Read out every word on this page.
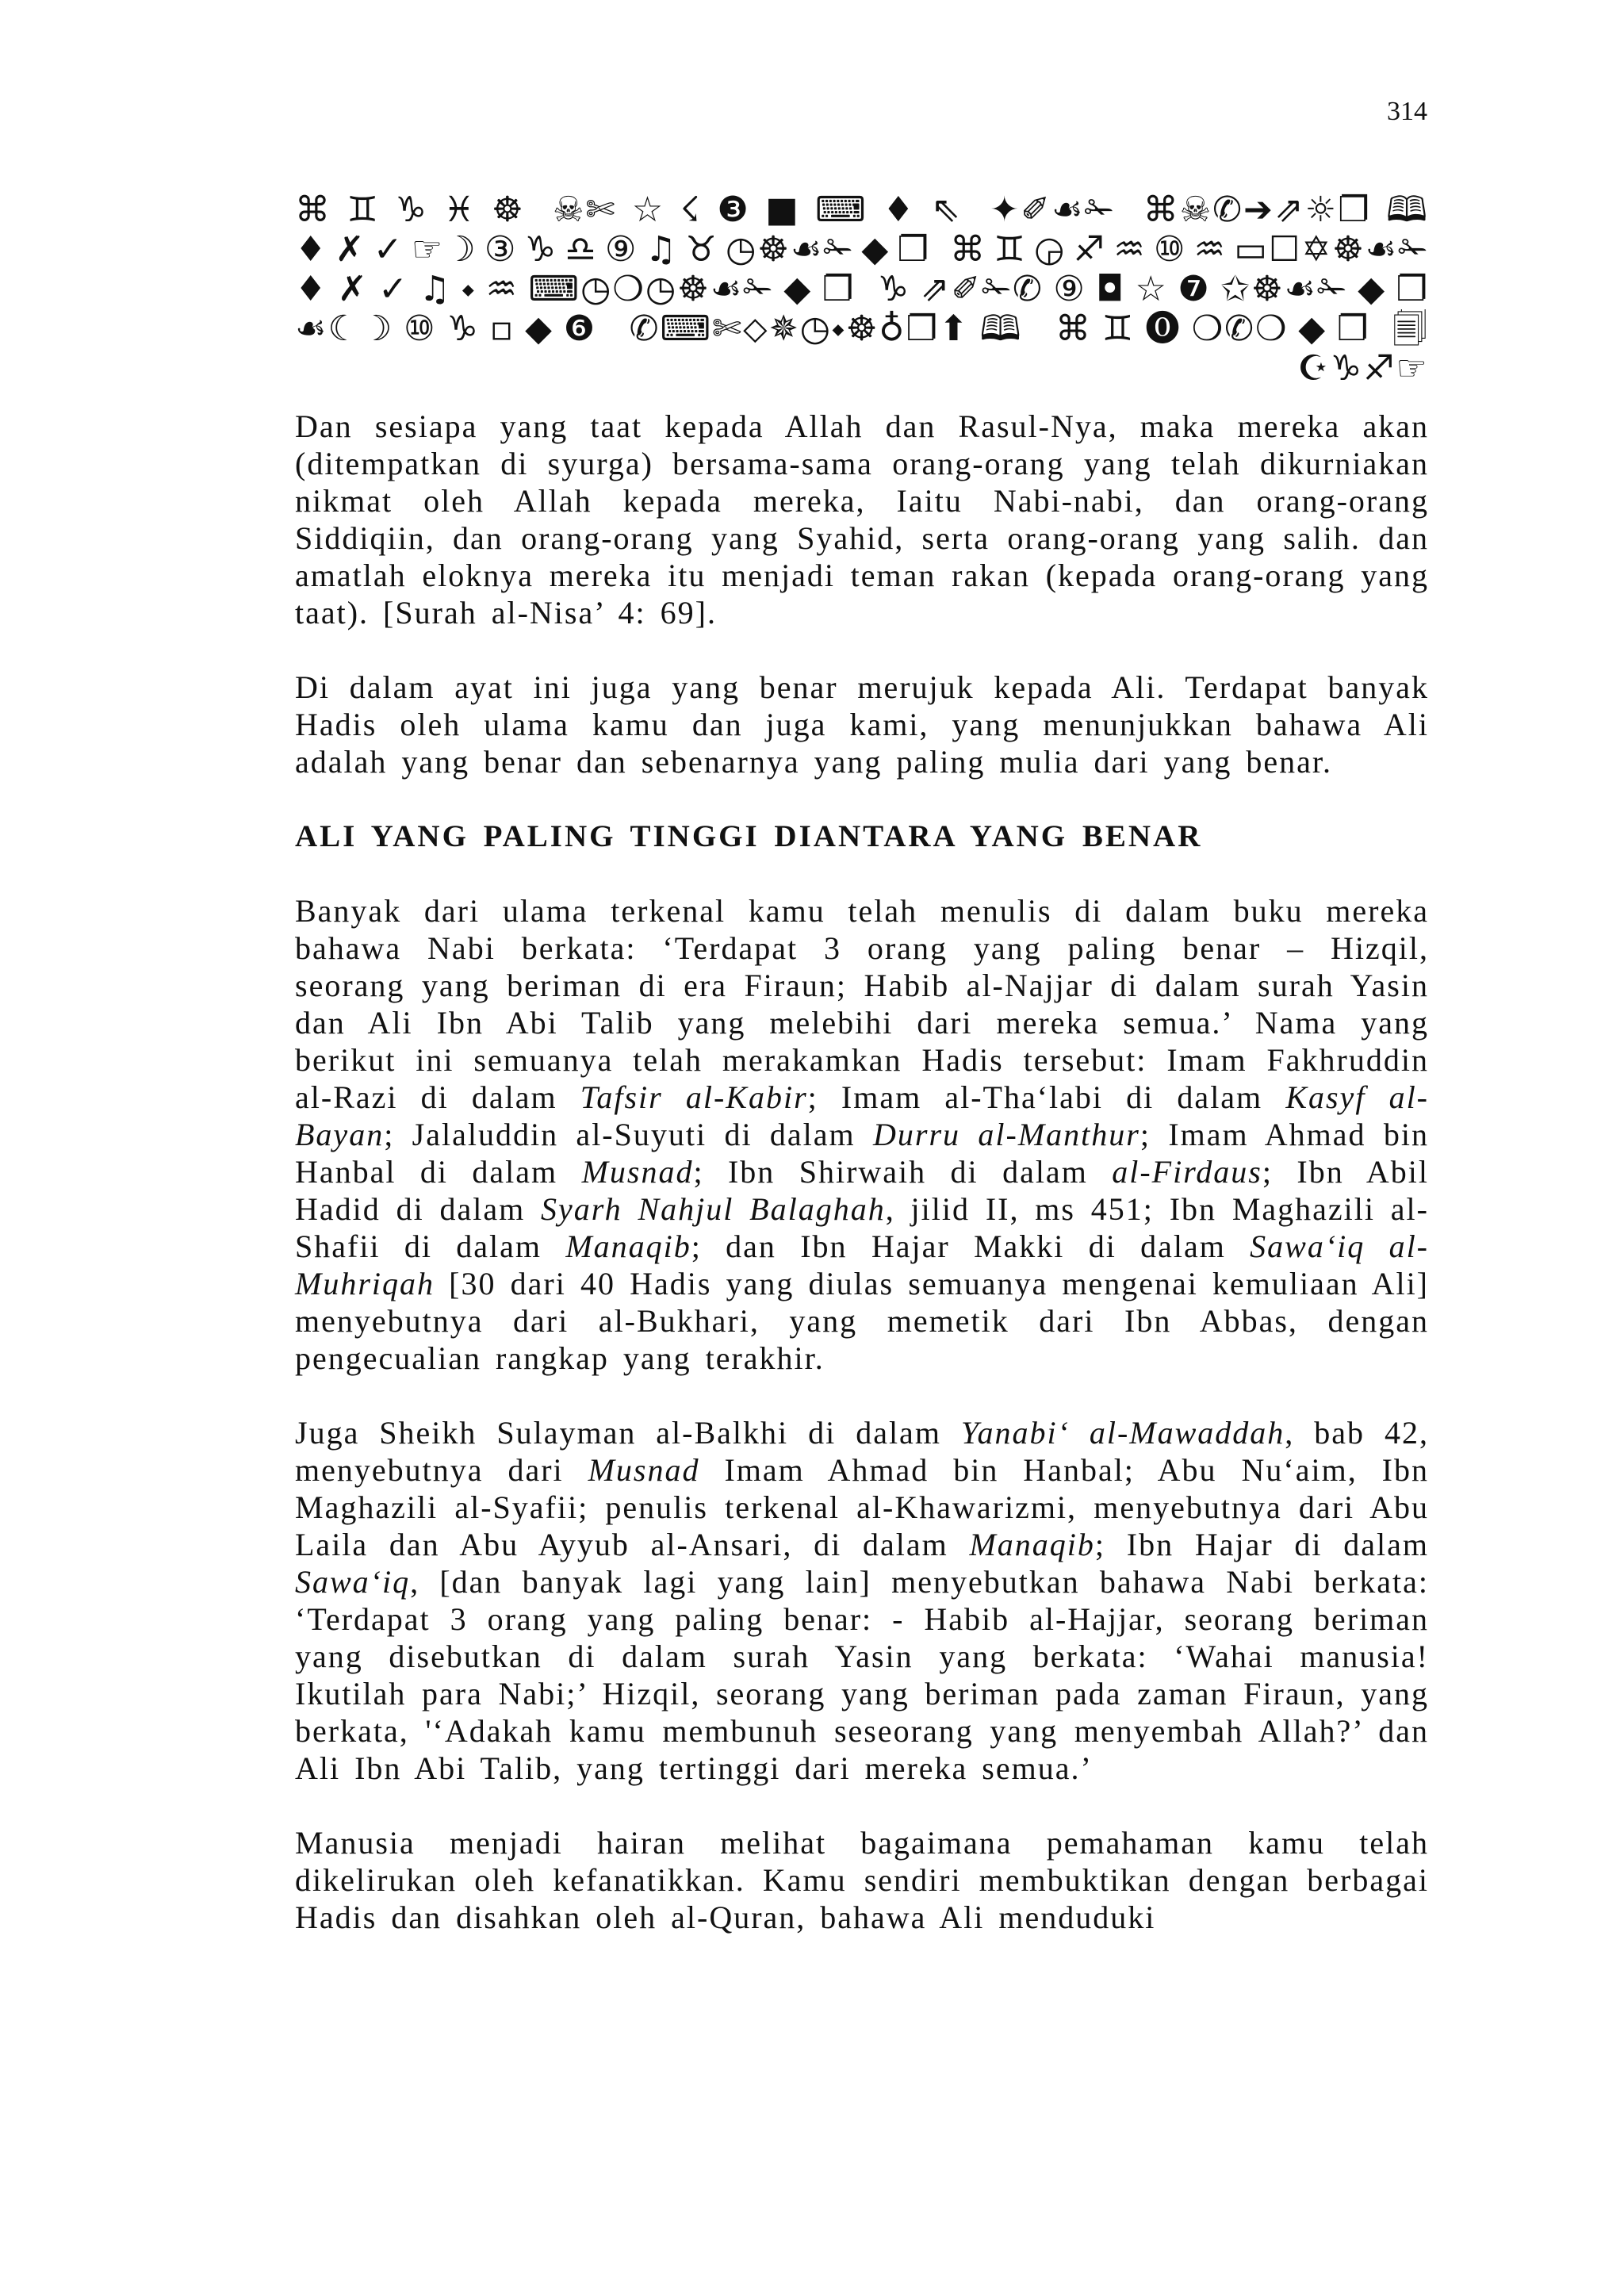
314
⌘♊♑♓☸ ☠✄☆☇❸■⌨♦⇖ ✦✐☙✁ ⌘☠✆➔⇗☼❐🕮
♦✗✓☞☽③♑♎⑨♫♉◷☸☙✁◆❐ ⌘♊◶♐♒⑩♒▭☐✡☸☙✁
♦✗✓♫⬩♒⌨◷❍◷☸☙✁◆❐ ♑⇗✐✁✆⑨◘☆❼✩☸☙✁◆❐
☙☾☽⑩♑▫◆❻ ✆⌨✄⬦✵◷⬩☸♁❐⬆🕮 ⌘♊⓿❍✆❍◆❐ 🗐
☪♑♐☞

Dan sesiapa yang taat kepada Allah dan Rasul-Nya, maka mereka akan (ditempatkan di syurga) bersama-sama orang-orang yang telah dikurniakan nikmat oleh Allah kepada mereka, Iaitu Nabi-nabi, dan orang-orang Siddiqiin, dan orang-orang yang Syahid, serta orang-orang yang salih. dan amatlah eloknya mereka itu menjadi teman rakan (kepada orang-orang yang taat). [Surah al-Nisa’ 4: 69].

Di dalam ayat ini juga yang benar merujuk kepada Ali. Terdapat banyak Hadis oleh ulama kamu dan juga kami, yang menunjukkan bahawa Ali adalah yang benar dan sebenarnya yang paling mulia dari yang benar.

ALI YANG PALING TINGGI DIANTARA YANG BENAR

Banyak dari ulama terkenal kamu telah menulis di dalam buku mereka bahawa Nabi berkata: ‘Terdapat 3 orang yang paling benar – Hizqil, seorang yang beriman di era Firaun; Habib al-Najjar di dalam surah Yasin dan Ali Ibn Abi Talib yang melebihi dari mereka semua.’ Nama yang berikut ini semuanya telah merakamkan Hadis tersebut: Imam Fakhruddin al-Razi di dalam Tafsir al-Kabir; Imam al-Tha‘labi di dalam Kasyf al-Bayan; Jalaluddin al-Suyuti di dalam Durru al-Manthur; Imam Ahmad bin Hanbal di dalam Musnad; Ibn Shirwaih di dalam al-Firdaus; Ibn Abil Hadid di dalam Syarh Nahjul Balaghah, jilid II, ms 451; Ibn Maghazili al-Shafii di dalam Manaqib; dan Ibn Hajar Makki di dalam Sawa‘iq al-Muhriqah [30 dari 40 Hadis yang diulas semuanya mengenai kemuliaan Ali] menyebutnya dari al-Bukhari, yang memetik dari Ibn Abbas, dengan pengecualian rangkap yang terakhir.

Juga Sheikh Sulayman al-Balkhi di dalam Yanabi‘ al-Mawaddah, bab 42, menyebutnya dari Musnad Imam Ahmad bin Hanbal; Abu Nu‘aim, Ibn Maghazili al-Syafii; penulis terkenal al-Khawarizmi, menyebutnya dari Abu Laila dan Abu Ayyub al-Ansari, di dalam Manaqib; Ibn Hajar di dalam Sawa‘iq, [dan banyak lagi yang lain] menyebutkan bahawa Nabi berkata: ‘Terdapat 3 orang yang paling benar: - Habib al-Hajjar, seorang beriman yang disebutkan di dalam surah Yasin yang berkata: ‘Wahai manusia! Ikutilah para Nabi;’ Hizqil, seorang yang beriman pada zaman Firaun, yang berkata, '‘Adakah kamu membunuh seseorang yang menyembah Allah?’ dan Ali Ibn Abi Talib, yang tertinggi dari mereka semua.’

Manusia menjadi hairan melihat bagaimana pemahaman kamu telah dikelirukan oleh kefanatikkan. Kamu sendiri membuktikan dengan berbagai Hadis dan disahkan oleh al-Quran, bahawa Ali menduduki
